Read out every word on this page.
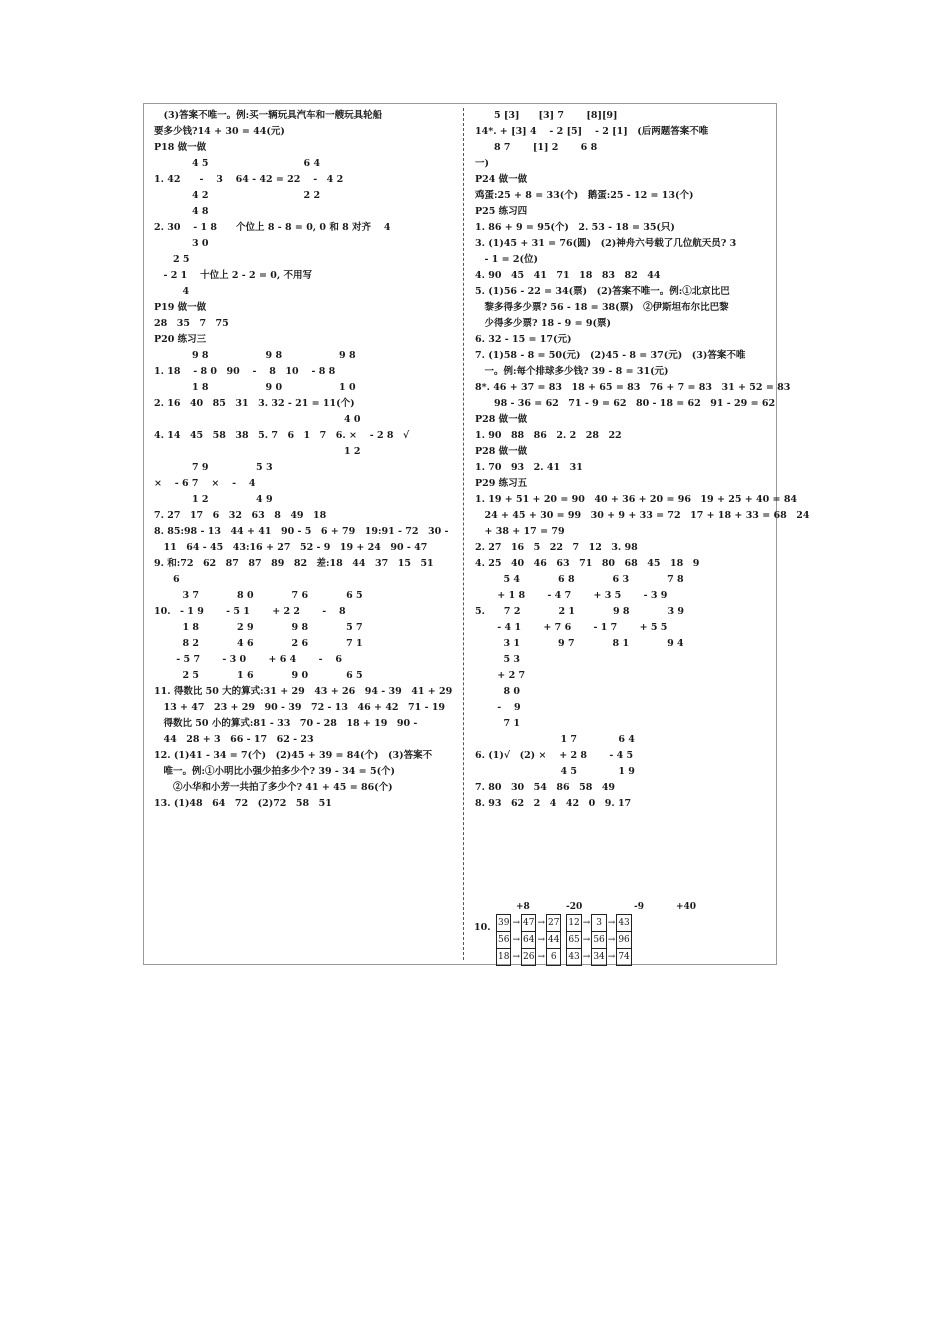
　(3)答案不唯一。例:买一辆玩具汽车和一艘玩具轮船
要多少钱?14 + 30 = 44(元)
P18 做一做
　　　　4 5　　　　　　　　　　6 4
1. 42　　-　 3　 64 - 42 = 22　 -　4 2
　　　　4 2　　　　　　　　　　2 2
　　　　4 8
2. 30　 - 1 8　　个位上 8 - 8 = 0, 0 和 8 对齐　 4
　　　　3 0
　　2 5
　- 2 1　 十位上 2 - 2 = 0, 不用写
　　　4
P19 做一做
28　35　7　75
P20 练习三
　　　　9 8　　　　　　9 8　　　　　　9 8
1. 18　 - 8 0　90　 -　 8　10　 - 8 8
　　　　1 8　　　　　　9 0　　　　　　1 0
2. 16　40　85　31　3. 32 - 21 = 11(个)
　　　　　　　　　　　　　　　　　　　　4 0
4. 14　45　58　38　5. 7　6　1　7　6. ×　 - 2 8　√
　　　　　　　　　　　　　　　　　　　　1 2
　　　　7 9　　　　　5 3
×　 - 6 7　 ×　 -　 4
　　　　1 2　　　　　4 9
7. 27　17　6　32　63　8　49　18
8. 85:98 - 13　44 + 41　90 - 5　6 + 79　19:91 - 72　30 -
　11　64 - 45　43:16 + 27　52 - 9　19 + 24　90 - 47
9. 和:72　62　87　87　89　82　差:18　44　37　15　51
　　6
　　　3 7　　　　8 0　　　　7 6　　　　6 5
10.　- 1 9　　 - 5 1　　 + 2 2　　 -　 8
　　　1 8　　　　2 9　　　　9 8　　　　5 7
　　　8 2　　　　4 6　　　　2 6　　　　7 1
　　 - 5 7　　 - 3 0　　 + 6 4　　 -　 6
　　　2 5　　　　1 6　　　　9 0　　　　6 5
11. 得数比 50 大的算式:31 + 29　43 + 26　94 - 39　41 + 29
　13 + 47　23 + 29　90 - 39　72 - 13　46 + 42　71 - 19
　得数比 50 小的算式:81 - 33　70 - 28　18 + 19　90 -
　44　28 + 3　66 - 17　62 - 23
12. (1)41 - 34 = 7(个)　(2)45 + 39 = 84(个)　(3)答案不
　唯一。例:①小明比小强少拍多少个? 39 - 34 = 5(个)
　　②小华和小芳一共拍了多少个? 41 + 45 = 86(个)
13. (1)48　64　72　(2)72　58　51
　　5 [3]　　[3] 7　　 [8][9]
14*. + [3] 4　 - 2 [5]　 - 2 [1]　(后两题答案不唯
　　8 7　　 [1] 2　　 6 8
一)
P24 做一做
鸡蛋:25 + 8 = 33(个)　鹅蛋:25 - 12 = 13(个)
P25 练习四
1. 86 + 9 = 95(个)　2. 53 - 18 = 35(只)
3. (1)45 + 31 = 76(圆)　(2)神舟六号载了几位航天员? 3
　- 1 = 2(位)
4. 90　45　41　71　18　83　82　44
5. (1)56 - 22 = 34(票)　(2)答案不唯一。例:①北京比巴
　黎多得多少票? 56 - 18 = 38(票)　②伊斯坦布尔比巴黎
　少得多少票? 18 - 9 = 9(票)
6. 32 - 15 = 17(元)
7. (1)58 - 8 = 50(元)　(2)45 - 8 = 37(元)　(3)答案不唯
　一。例:每个排球多少钱? 39 - 8 = 31(元)
8*. 46 + 37 = 83　18 + 65 = 83　76 + 7 = 83　31 + 52 = 83
　　98 - 36 = 62　71 - 9 = 62　80 - 18 = 62　91 - 29 = 62
P28 做一做
1. 90　88　86　2. 2　28　22
P28 做一做
1. 70　93　2. 41　31
P29 练习五
1. 19 + 51 + 20 = 90　40 + 36 + 20 = 96　19 + 25 + 40 = 84
　24 + 45 + 30 = 99　30 + 9 + 33 = 72　17 + 18 + 33 = 68　24
　+ 38 + 17 = 79
2. 27　16　5　22　7　12　3. 98
4. 25　40　46　63　71　80　68　45　18　9
　　　5 4　　　　6 8　　　　6 3　　　　7 8
　　 + 1 8　　 - 4 7　　 + 3 5　　 - 3 9
5.　　7 2　　　　2 1　　　　9 8　　　　3 9
　　 - 4 1　　 + 7 6　　 - 1 7　　 + 5 5
　　　3 1　　　　9 7　　　　8 1　　　　9 4
　　　5 3
　　 + 2 7
　　　8 0
　　 -　 9
　　　7 1
　　　　　　　　　1 7　　　　 6 4
6. (1)√　(2) ×　 + 2 8　　 - 4 5
　　　　　　　　　4 5　　　　 1 9
7. 80　30　54　86　58　49
8. 93　62　2　4　42　0　9. 17
10.
+8	-20	-9	+40
39	→	47	→	27		12	→	3	→	43
56	→	64	→	44		65	→	56	→	96
18	→	26	→	6		43	→	34	→	74
